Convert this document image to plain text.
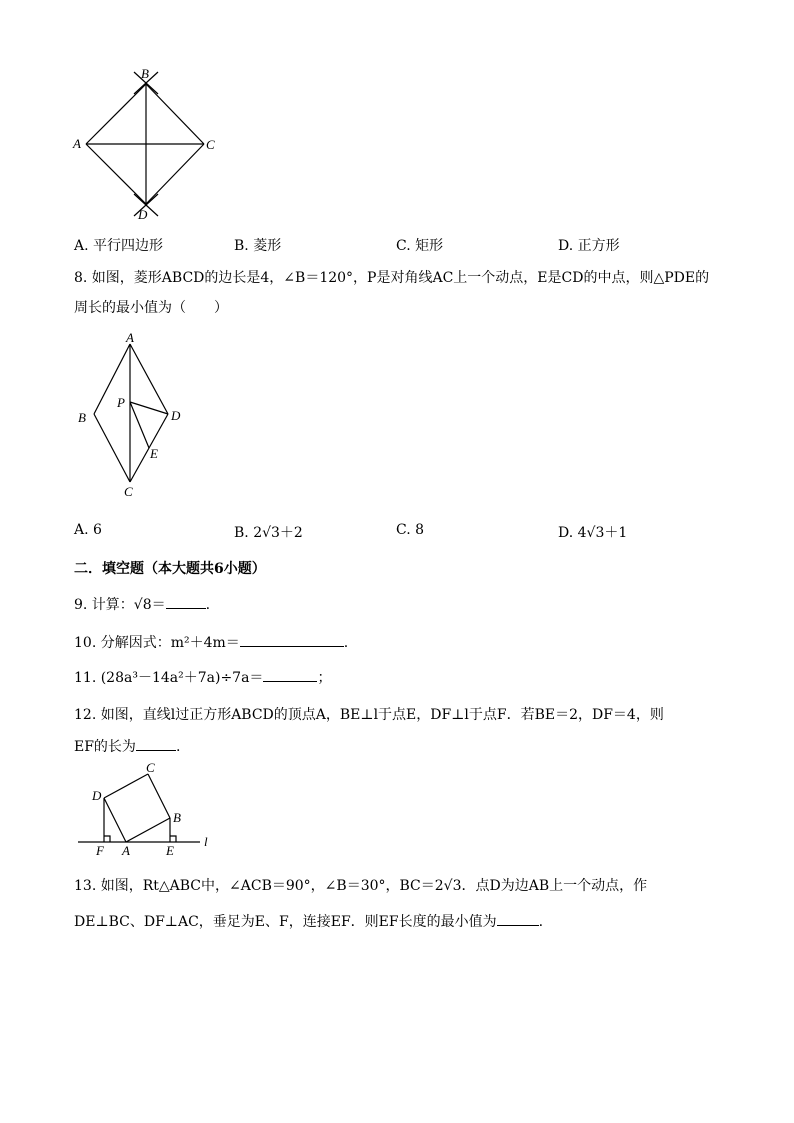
B
A	C
D
A. 平行四边形	B. 菱形	C. 矩形	D. 正方形
8. 如图，菱形ABCD的边长是4，∠B＝120°，P是对角线AC上一个动点，E是CD的中点，则△PDE的
周长的最小值为（　　）
A
B	D
P
E
C
A. 6	B. 2√3＋2	C. 8	D. 4√3＋1
二．填空题（本大题共6小题）
9. 计算：√8＝	.
10. 分解因式：m²＋4m＝	.
11. (28a³－14a²＋7a)÷7a＝	；
12. 如图，直线l过正方形ABCD的顶点A，BE⊥l于点E，DF⊥l于点F．若BE＝2，DF＝4，则
EF的长为	.
C
D
B
F A	E
l
13. 如图，Rt△ABC中，∠ACB＝90°，∠B＝30°，BC＝2√3．点D为边AB上一个动点，作
DE⊥BC、DF⊥AC，垂足为E、F，连接EF．则EF长度的最小值为	.
